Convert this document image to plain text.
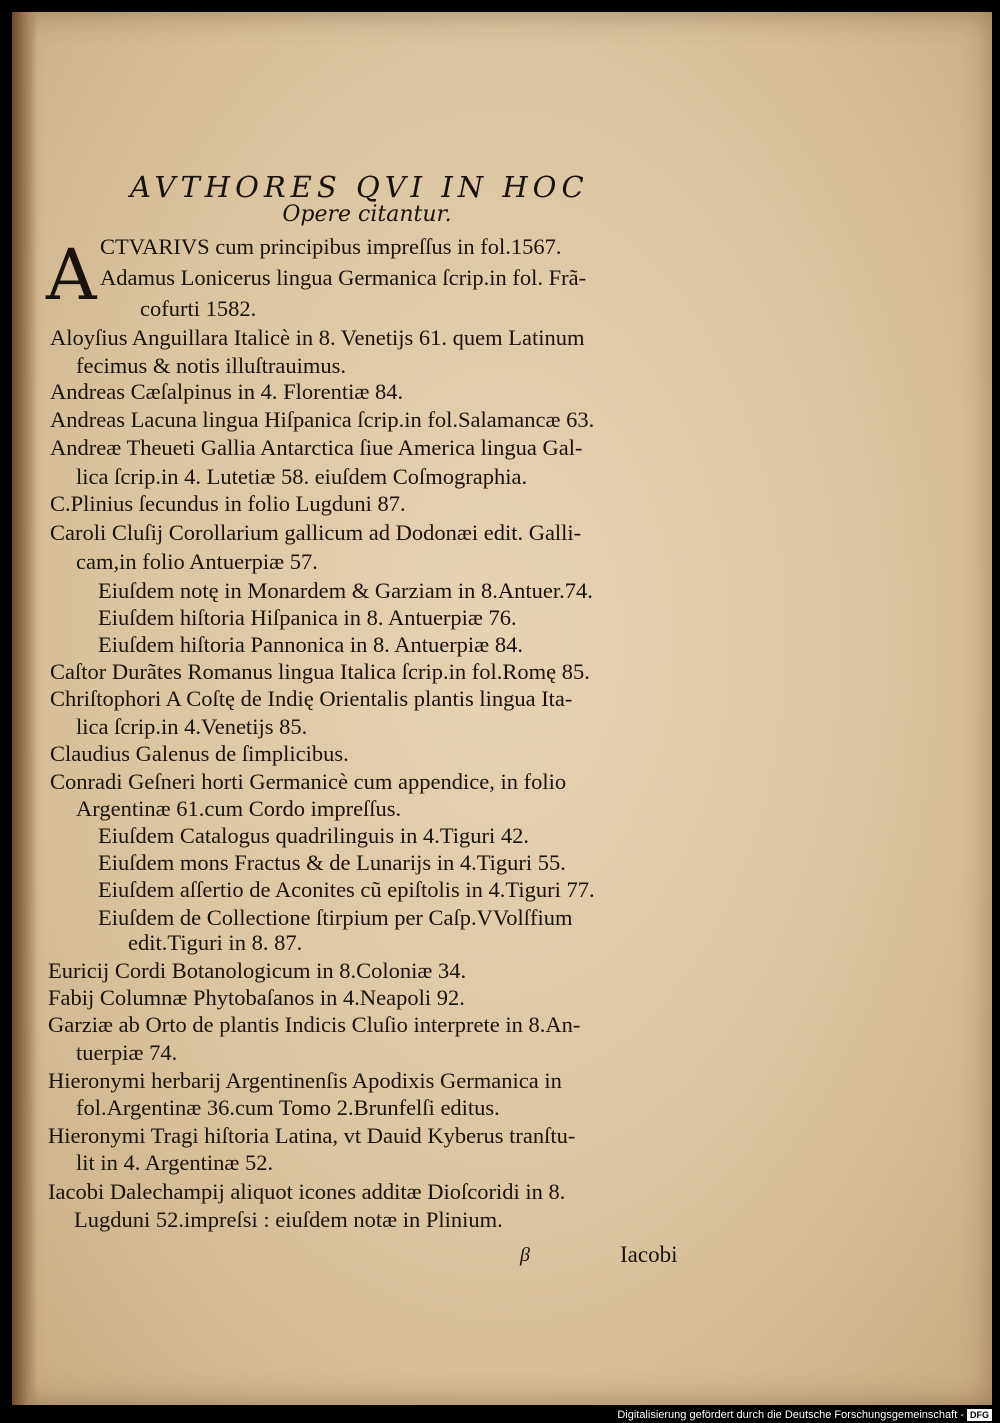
AVTHORES QVI IN HOC
Opere citantur.
A CTVARIVS cum principibus impreſſus in fol.1567.
Adamus Lonicerus lingua Germanica ſcrip.in fol. Frã-
cofurti 1582.
Aloyſius Anguillara Italicè in 8. Venetijs 61. quem Latinum
fecimus & notis illuſtrauimus.
Andreas Cæſalpinus in 4. Florentiæ 84.
Andreas Lacuna lingua Hiſpanica ſcrip.in fol.Salamancæ 63.
Andreæ Theueti Gallia Antarctica ſiue America lingua Gal-
lica ſcrip.in 4. Lutetiæ 58. eiuſdem Coſmographia.
C.Plinius ſecundus in folio Lugduni 87.
Caroli Cluſij Corollarium gallicum ad Dodonæi edit. Galli-
cam,in folio Antuerpiæ 57.
Eiuſdem notę in Monardem & Garziam in 8.Antuer.74.
Eiuſdem hiſtoria Hiſpanica in 8. Antuerpiæ 76.
Eiuſdem hiſtoria Pannonica in 8. Antuerpiæ 84.
Caſtor Durãtes Romanus lingua Italica ſcrip.in fol.Romę 85.
Chriſtophori A Coſtę de Indię Orientalis plantis lingua Ita-
lica ſcrip.in 4.Venetijs 85.
Claudius Galenus de ſimplicibus.
Conradi Geſneri horti Germanicè cum appendice, in folio
Argentinæ 61.cum Cordo impreſſus.
Eiuſdem Catalogus quadrilinguis in 4.Tiguri 42.
Eiuſdem mons Fractus & de Lunarijs in 4.Tiguri 55.
Eiuſdem aſſertio de Aconites cũ epiſtolis in 4.Tiguri 77.
Eiuſdem de Collectione ſtirpium per Caſp.VVolſfium
edit.Tiguri in 8. 87.
Euricij Cordi Botanologicum in 8.Coloniæ 34.
Fabij Columnæ Phytobaſanos in 4.Neapoli 92.
Garziæ ab Orto de plantis Indicis Cluſio interprete in 8.An-
tuerpiæ 74.
Hieronymi herbarij Argentinenſis Apodixis Germanica in
fol.Argentinæ 36.cum Tomo 2.Brunfelſi editus.
Hieronymi Tragi hiſtoria Latina, vt Dauid Kyberus tranſtu-
lit in 4. Argentinæ 52.
Iacobi Dalechampij aliquot icones additæ Dioſcoridi in 8.
Lugduni 52.impreſsi : eiuſdem notæ in Plinium.
β	Iacobi
Digitalisierung gefördert durch die Deutsche Forschungsgemeinschaft - DFG
